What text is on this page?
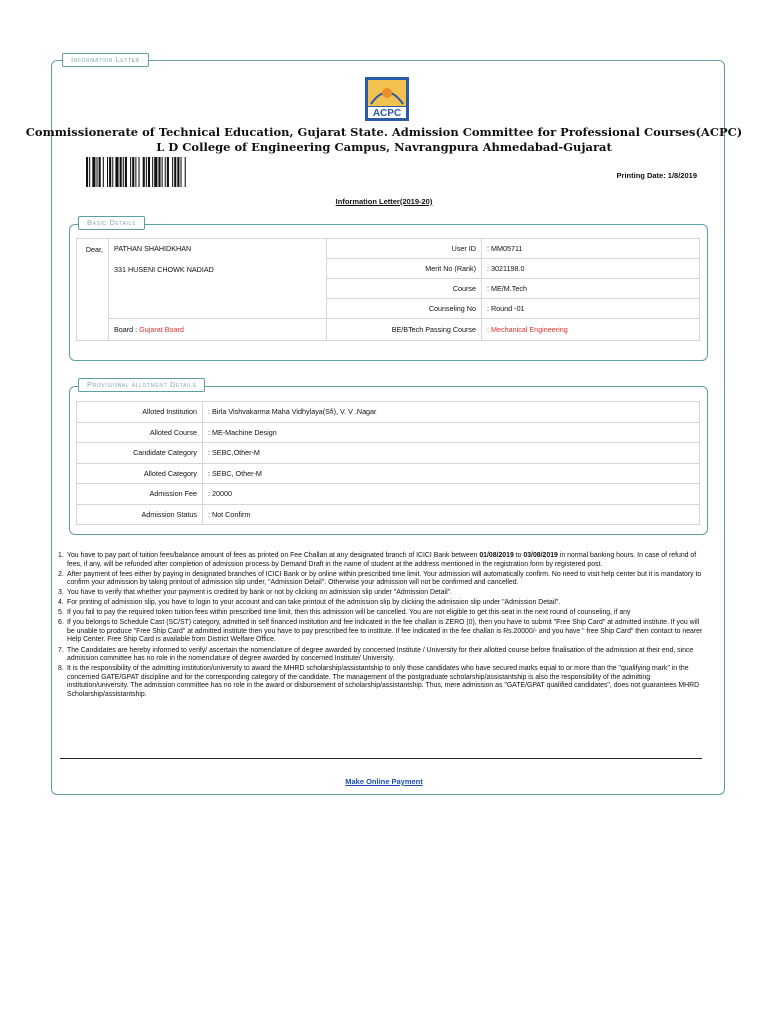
Information Letter
ACPC
Commissionerate of Technical Education, Gujarat State. Admission Committee for Professional Courses(ACPC)
L D College of Engineering Campus, Navrangpura Ahmedabad-Gujarat
Printing Date: 1/8/2019
Information Letter(2019-20)
Basic Details
Dear,	PATHAN SHAHIDKHAN	User ID	: MM05711
	331 HUSENI CHOWK NADIAD	Merit No (Rank)	: 3021198.0
		Course	: ME/M.Tech
		Counseling No	: Round -01
	Board : Gujarat Board	BE/BTech Passing Course	: Mechanical Engineering
Provisional allotment Details
Alloted Institution	: Birla Vishvakarma Maha Vidhylaya(Sfi), V. V .Nagar
Alloted Course	: ME-Machine Design
Candidate Category	: SEBC,Other-M
Alloted Category	: SEBC, Other-M
Admission Fee	: 20000
Admission Status	: Not Confirm
1. You have to pay part of tuition fees/balance amount of fees as printed on Fee Challan at any designated branch of ICICI Bank between 01/08/2019 to 03/08/2019 in normal banking hours. In case of refund of fees, if any, will be refunded after completion of admission process by Demand Draft in the name of student at the address mentioned in the registration form by registered post.
2. After payment of fees either by paying in designated branches of ICICI Bank or by online within prescribed time limit. Your admission will automatically confirm. No need to visit help center but it is mandatory to confirm your admission by taking printout of admission slip under, "Admission Detail". Otherwise your admission will not be confirmed and cancelled.
3. You have to verify that whether your payment is credited by bank or not by clicking on admission slip under "Admission Detail".
4. For printing of admission slip, you have to login to your account and can take printout of the admission slip by clicking the admission slip under "Admission Detail".
5. If you fail to pay the required token tuition fees within prescribed time limit, then this admission will be cancelled. You are not eligible to get this seat in the next round of counseling, if any
6. If you belongs to Schedule Cast (SC/ST) category, admitted in self financed institution and fee indicated in the fee challan is ZERO (0), then you have to submit "Free Ship Card" at admitted institute. If you will be unable to produce "Free Ship Card" at admitted institute then you have to pay prescribed fee to institute. If fee indicated in the fee challan is Rs.20000/- and you have " free Ship Card" then contact to nearer Help Center. Free Ship Card is available from District Welfare Office.
7. The Candidates are hereby informed to verify/ ascertain the nomenclature of degree awarded by concerned Institute / University for their allotted course before finalisation of the admission at their end, since admission committee has no role in the nomenclature of degree awarded by concerned Institute/ University.
8. It is the responsibility of the admitting institution/university to award the MHRD scholarship/assistantship to only those candidates who have secured marks equal to or more than the "qualifying mark" in the concerned GATE/GPAT discipline and for the corresponding category of the candidate. The management of the postgraduate scholarship/assistantship is also the responsibility of the admitting institution/university. The admission committee has no role in the award or disbursement of scholarship/assistantship. Thus, mere admission as "GATE/GPAT qualified candidates", does not guarantees MHRD Scholarship/assistantship.
Make Online Payment
